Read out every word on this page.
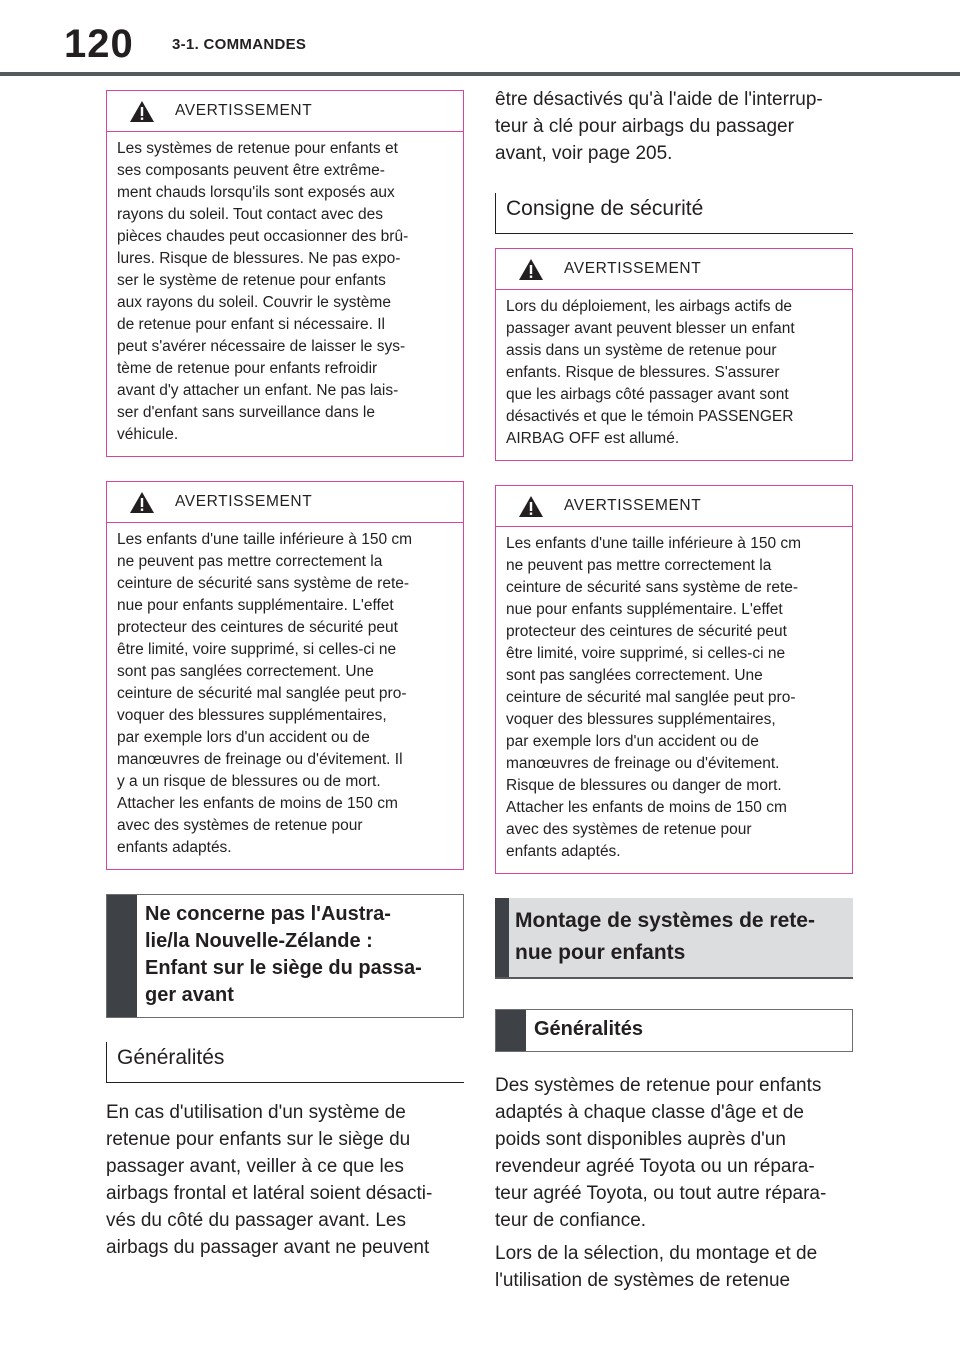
120	3-1. COMMANDES
AVERTISSEMENT
Les systèmes de retenue pour enfants et
ses composants peuvent être extrême-
ment chauds lorsqu'ils sont exposés aux
rayons du soleil. Tout contact avec des
pièces chaudes peut occasionner des brû-
lures. Risque de blessures. Ne pas expo-
ser le système de retenue pour enfants
aux rayons du soleil. Couvrir le système
de retenue pour enfant si nécessaire. Il
peut s'avérer nécessaire de laisser le sys-
tème de retenue pour enfants refroidir
avant d'y attacher un enfant. Ne pas lais-
ser d'enfant sans surveillance dans le
véhicule.
AVERTISSEMENT
Les enfants d'une taille inférieure à 150 cm
ne peuvent pas mettre correctement la
ceinture de sécurité sans système de rete-
nue pour enfants supplémentaire. L'effet
protecteur des ceintures de sécurité peut
être limité, voire supprimé, si celles-ci ne
sont pas sanglées correctement. Une
ceinture de sécurité mal sanglée peut pro-
voquer des blessures supplémentaires,
par exemple lors d'un accident ou de
manœuvres de freinage ou d'évitement. Il
y a un risque de blessures ou de mort.
Attacher les enfants de moins de 150 cm
avec des systèmes de retenue pour
enfants adaptés.
Ne concerne pas l'Austra-
lie/la Nouvelle-Zélande :
Enfant sur le siège du passa-
ger avant
Généralités
En cas d'utilisation d'un système de
retenue pour enfants sur le siège du
passager avant, veiller à ce que les
airbags frontal et latéral soient désacti-
vés du côté du passager avant. Les
airbags du passager avant ne peuvent
être désactivés qu'à l'aide de l'interrup-
teur à clé pour airbags du passager
avant, voir page 205.
Consigne de sécurité
AVERTISSEMENT
Lors du déploiement, les airbags actifs de
passager avant peuvent blesser un enfant
assis dans un système de retenue pour
enfants. Risque de blessures. S'assurer
que les airbags côté passager avant sont
désactivés et que le témoin PASSENGER
AIRBAG OFF est allumé.
AVERTISSEMENT
Les enfants d'une taille inférieure à 150 cm
ne peuvent pas mettre correctement la
ceinture de sécurité sans système de rete-
nue pour enfants supplémentaire. L'effet
protecteur des ceintures de sécurité peut
être limité, voire supprimé, si celles-ci ne
sont pas sanglées correctement. Une
ceinture de sécurité mal sanglée peut pro-
voquer des blessures supplémentaires,
par exemple lors d'un accident ou de
manœuvres de freinage ou d'évitement.
Risque de blessures ou danger de mort.
Attacher les enfants de moins de 150 cm
avec des systèmes de retenue pour
enfants adaptés.
Montage de systèmes de rete-
nue pour enfants
Généralités
Des systèmes de retenue pour enfants
adaptés à chaque classe d'âge et de
poids sont disponibles auprès d'un
revendeur agréé Toyota ou un répara-
teur agréé Toyota, ou tout autre répara-
teur de confiance.
Lors de la sélection, du montage et de
l'utilisation de systèmes de retenue
